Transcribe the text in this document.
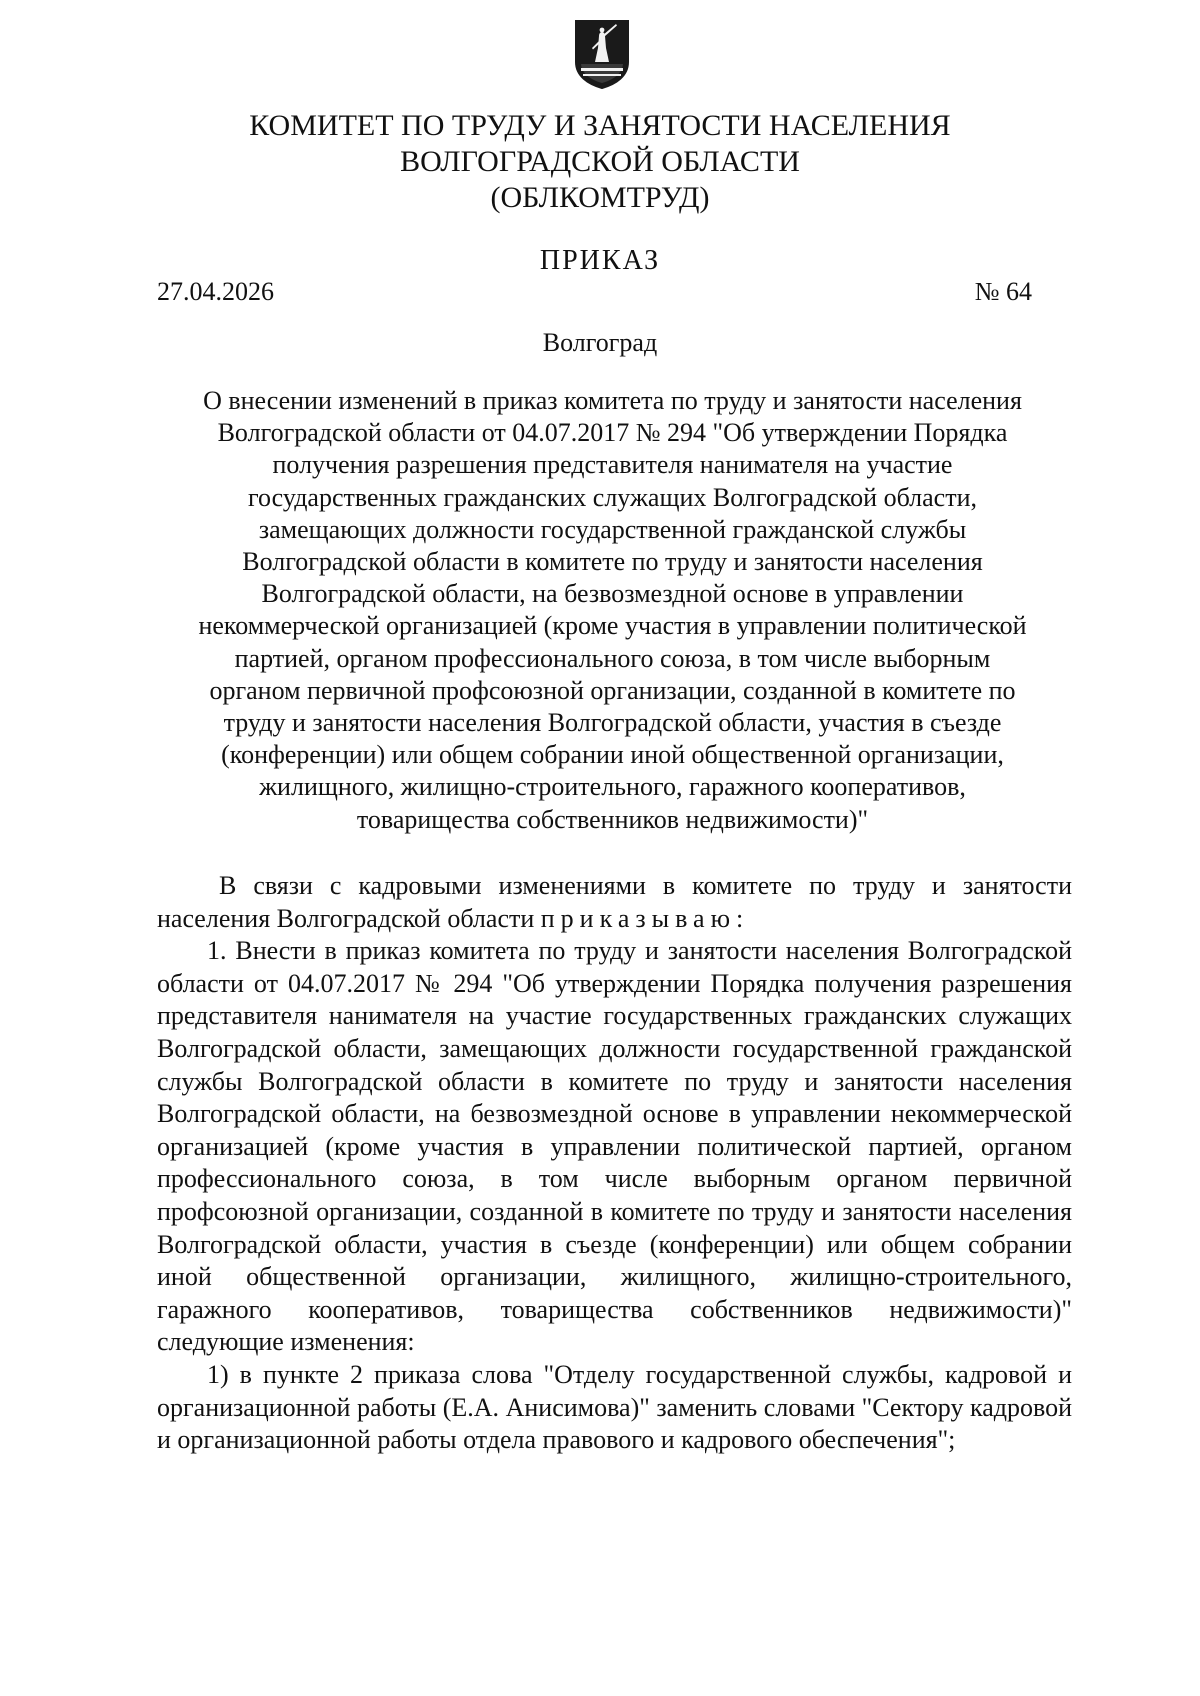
КОМИТЕТ ПО ТРУДУ И ЗАНЯТОСТИ НАСЕЛЕНИЯ
ВОЛГОГРАДСКОЙ ОБЛАСТИ
(ОБЛКОМТРУД)
ПРИКАЗ
27.04.2026	№ 64
Волгоград
О внесении изменений в приказ комитета по труду и занятости населения
Волгоградской области от 04.07.2017 № 294 "Об утверждении Порядка
получения разрешения представителя нанимателя на участие
государственных гражданских служащих Волгоградской области,
замещающих должности государственной гражданской службы
Волгоградской области в комитете по труду и занятости населения
Волгоградской области, на безвозмездной основе в управлении
некоммерческой организацией (кроме участия в управлении политической
партией, органом профессионального союза, в том числе выборным
органом первичной профсоюзной организации, созданной в комитете по
труду и занятости населения Волгоградской области, участия в съезде
(конференции) или общем собрании иной общественной организации,
жилищного, жилищно-строительного, гаражного кооперативов,
товарищества собственников недвижимости)"

В связи с кадровыми изменениями в комитете по труду и занятости населения Волгоградской области приказываю:

1. Внести в приказ комитета по труду и занятости населения Волгоградской области от 04.07.2017 № 294 "Об утверждении Порядка получения разрешения представителя нанимателя на участие государственных гражданских служащих Волгоградской области, замещающих должности государственной гражданской службы Волгоградской области в комитете по труду и занятости населения Волгоградской области, на безвозмездной основе в управлении некоммерческой организацией (кроме участия в управлении политической партией, органом профессионального союза, в том числе выборным органом первичной профсоюзной организации, созданной в комитете по труду и занятости населения Волгоградской области, участия в съезде (конференции) или общем собрании иной общественной организации, жилищного, жилищно-строительного, гаражного кооперативов, товарищества собственников недвижимости)" следующие изменения:

1) в пункте 2 приказа слова "Отделу государственной службы, кадровой и организационной работы (Е.А. Анисимова)" заменить словами "Сектору кадровой и организационной работы отдела правового и кадрового обеспечения";
